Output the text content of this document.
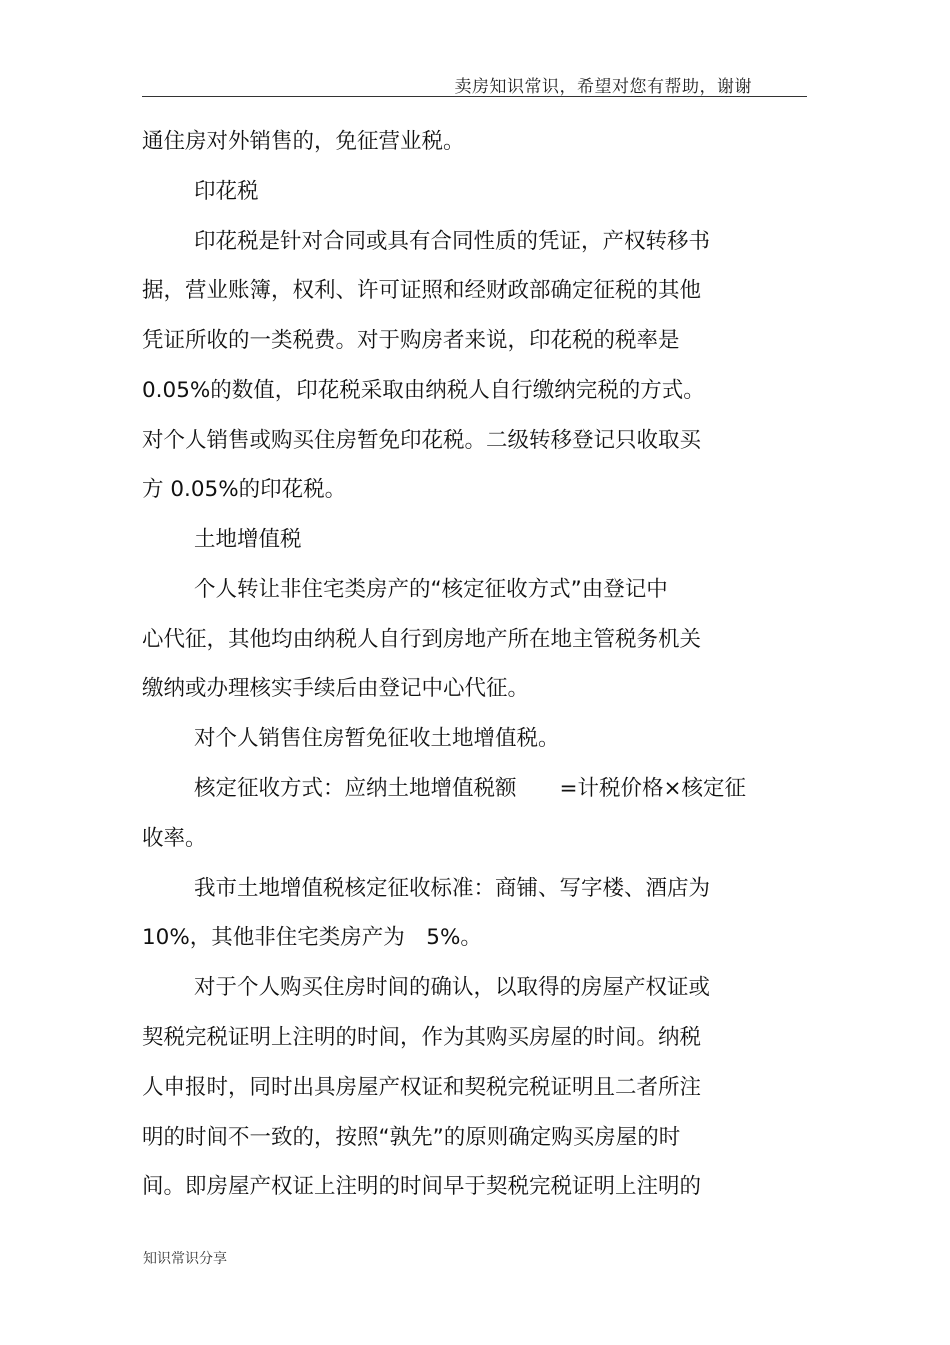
卖房知识常识，希望对您有帮助，谢谢
通住房对外销售的，免征营业税。
印花税
印花税是针对合同或具有合同性质的凭证，产权转移书
据，营业账簿，权利、许可证照和经财政部确定征税的其他
凭证所收的一类税费。对于购房者来说，印花税的税率是
0.05%的数值，印花税采取由纳税人自行缴纳完税的方式。
对个人销售或购买住房暂免印花税。二级转移登记只收取买
方 0.05%的印花税。
土地增值税
个人转让非住宅类房产的“核定征收方式”由登记中
心代征，其他均由纳税人自行到房地产所在地主管税务机关
缴纳或办理核实手续后由登记中心代征。
对个人销售住房暂免征收土地增值税。
核定征收方式：应纳土地增值税额　　=计税价格×核定征
收率。
我市土地增值税核定征收标准：商铺、写字楼、酒店为
10%，其他非住宅类房产为　5%。
对于个人购买住房时间的确认，以取得的房屋产权证或
契税完税证明上注明的时间，作为其购买房屋的时间。纳税
人申报时，同时出具房屋产权证和契税完税证明且二者所注
明的时间不一致的，按照“孰先”的原则确定购买房屋的时
间。即房屋产权证上注明的时间早于契税完税证明上注明的
知识常识分享
